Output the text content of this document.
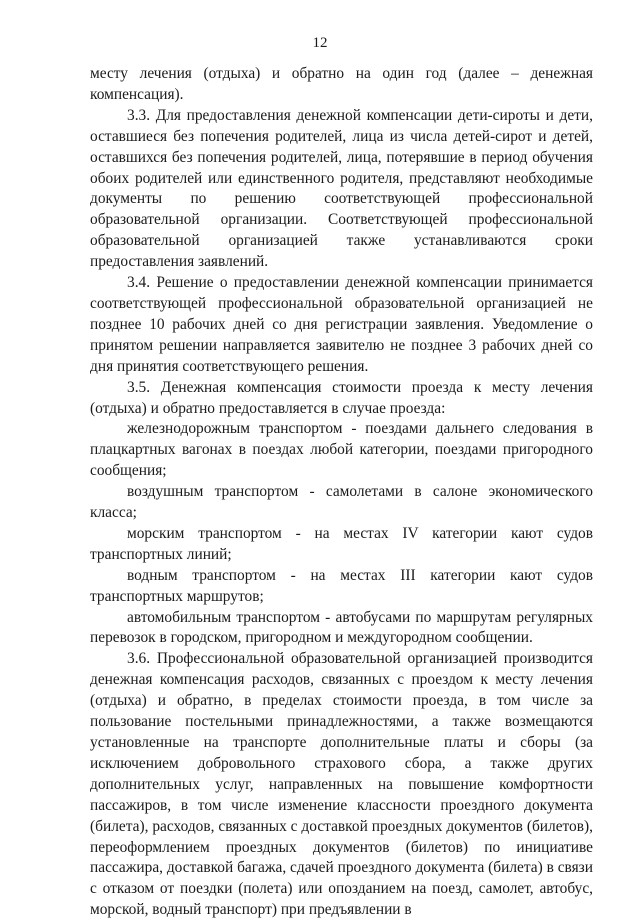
12

месту лечения (отдыха) и обратно на один год (далее – денежная компенсация).

3.3. Для предоставления денежной компенсации дети-сироты и дети, оставшиеся без попечения родителей, лица из числа детей-сирот и детей, оставшихся без попечения родителей, лица, потерявшие в период обучения обоих родителей или единственного родителя, представляют необходимые документы по решению соответствующей профессиональной образовательной организации. Соответствующей профессиональной образовательной организацией также устанавливаются сроки предоставления заявлений.

3.4. Решение о предоставлении денежной компенсации принимается соответствующей профессиональной образовательной организацией не позднее 10 рабочих дней со дня регистрации заявления. Уведомление о принятом решении направляется заявителю не позднее 3 рабочих дней со дня принятия соответствующего решения.

3.5. Денежная компенсация стоимости проезда к месту лечения (отдыха) и обратно предоставляется в случае проезда:

железнодорожным транспортом - поездами дальнего следования в плацкартных вагонах в поездах любой категории, поездами пригородного сообщения;

воздушным транспортом - самолетами в салоне экономического класса;

морским транспортом - на местах IV категории кают судов транспортных линий;

водным транспортом - на местах III категории кают судов транспортных маршрутов;

автомобильным транспортом - автобусами по маршрутам регулярных перевозок в городском, пригородном и междугородном сообщении.

3.6. Профессиональной образовательной организацией производится денежная компенсация расходов, связанных с проездом к месту лечения (отдыха) и обратно, в пределах стоимости проезда, в том числе за пользование постельными принадлежностями, а также возмещаются установленные на транспорте дополнительные платы и сборы (за исключением добровольного страхового сбора, а также других дополнительных услуг, направленных на повышение комфортности пассажиров, в том числе изменение классности проездного документа (билета), расходов, связанных с доставкой проездных документов (билетов), переоформлением проездных документов (билетов) по инициативе пассажира, доставкой багажа, сдачей проездного документа (билета) в связи с отказом от поездки (полета) или опозданием на поезд, самолет, автобус, морской, водный транспорт) при предъявлении в
